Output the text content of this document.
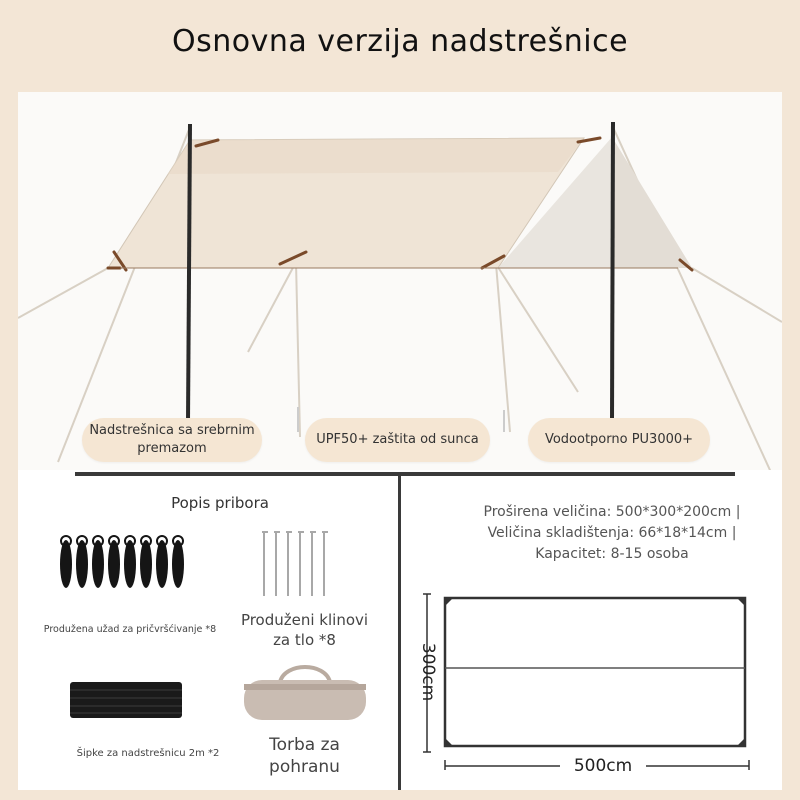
Osnovna verzija nadstrešnice
Nadstrešnica sa srebrnim premazom
UPF50+ zaštita od sunca	Vodootporno PU3000+
Popis pribora
Produžena užad za pričvršćivanje *8
Produženi klinovi za tlo *8
Šipke za nadstrešnicu 2m *2	Torba za pohranu
Proširena veličina: 500*300*200cm |
Veličina skladištenja: 66*18*14cm |
Kapacitet: 8-15 osoba
300cm
500cm
